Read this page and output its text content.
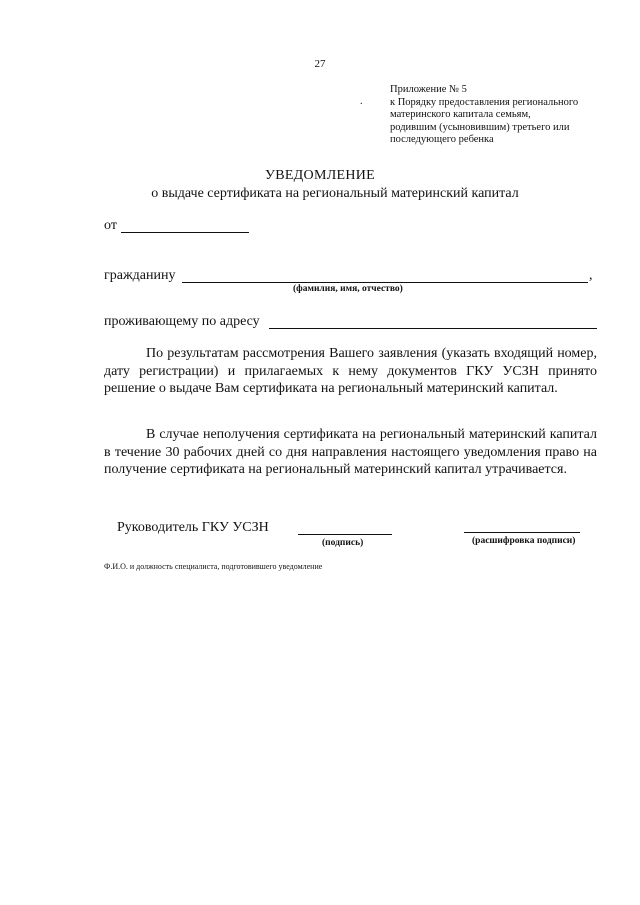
27
.
Приложение № 5
к Порядку предоставления регионального
материнского капитала семьям,
родившим (усыновившим) третьего или
последующего ребенка
УВЕДОМЛЕНИЕ
о выдаче сертификата на региональный материнский капитал
от
гражданину	,
(фамилия, имя, отчество)
проживающему по адресу
По результатам рассмотрения Вашего заявления (указать входящий номер, дату регистрации) и прилагаемых к нему документов ГКУ УСЗН принято решение о выдаче Вам сертификата на региональный материнский капитал.
В случае неполучения сертификата на региональный материнский капитал в течение 30 рабочих дней со дня направления настоящего уведомления право на получение сертификата на региональный материнский капитал утрачивается.
Руководитель ГКУ УСЗН
(подпись)	(расшифровка подписи)
Ф.И.О. и должность специалиста, подготовившего уведомление
